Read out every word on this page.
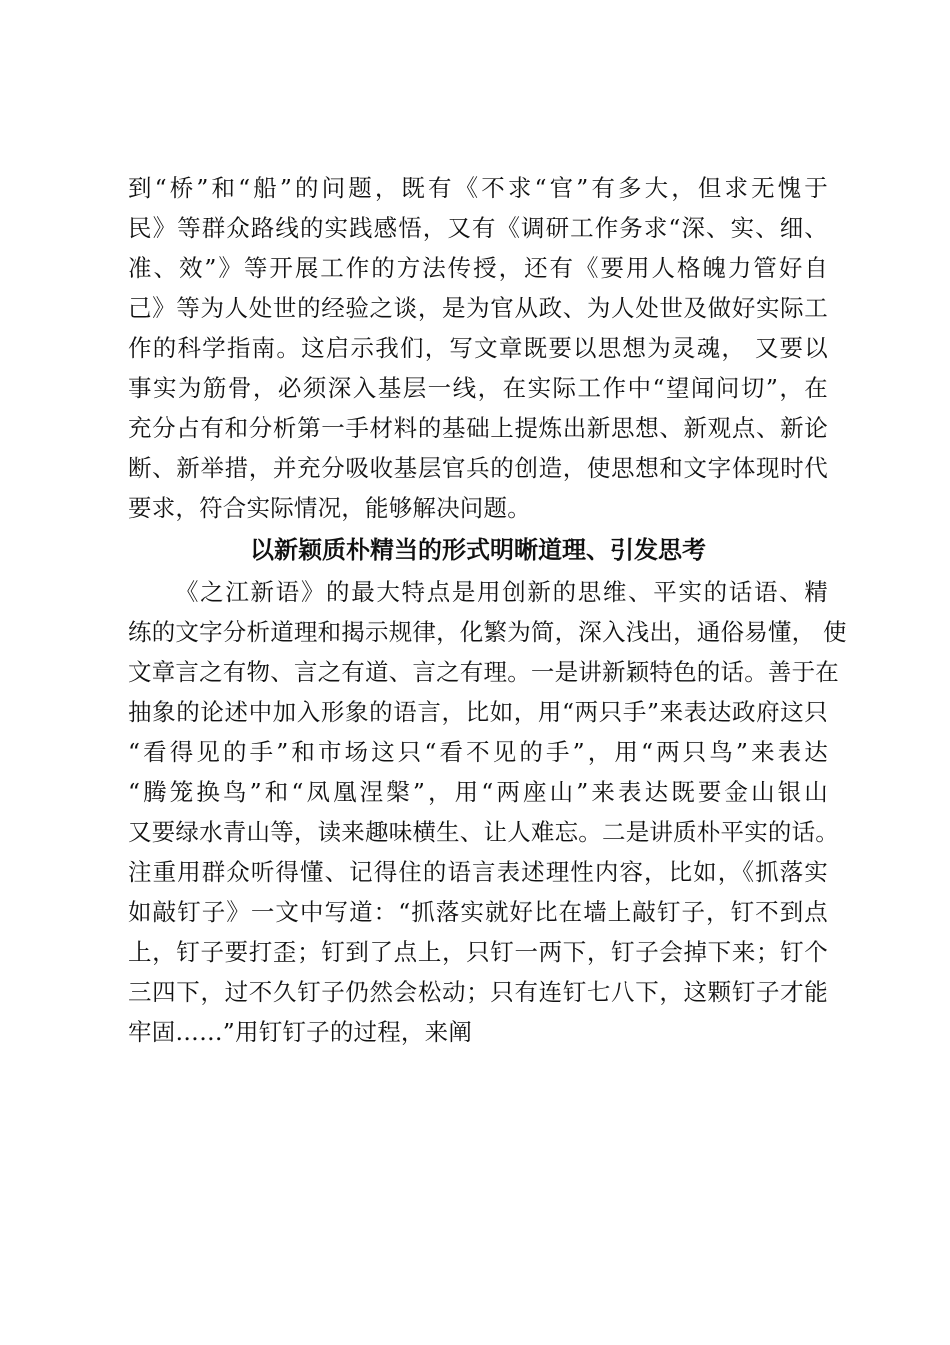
到“桥”和“船”的问题，既有《不求“官”有多大，但求无愧于
民》等群众路线的实践感悟，又有《调研工作务求“深、实、细、
准、效”》等开展工作的方法传授，还有《要用人格魄力管好自
己》等为人处世的经验之谈，是为官从政、为人处世及做好实际工
作的科学指南。这启示我们，写文章既要以思想为灵魂， 又要以
事实为筋骨，必须深入基层一线，在实际工作中“望闻问切”，在
充分占有和分析第一手材料的基础上提炼出新思想、新观点、新论
断、新举措，并充分吸收基层官兵的创造，使思想和文字体现时代
要求，符合实际情况，能够解决问题。
以新颖质朴精当的形式明晰道理、引发思考
《之江新语》的最大特点是用创新的思维、平实的话语、精
练的文字分析道理和揭示规律，化繁为简，深入浅出，通俗易懂， 使
文章言之有物、言之有道、言之有理。一是讲新颖特色的话。善于在
抽象的论述中加入形象的语言，比如，用“两只手”来表达政府这只
“看得见的手”和市场这只“看不见的手”，用“两只鸟”来表达
“腾笼换鸟”和“凤凰涅槃”，用“两座山”来表达既要金山银山
又要绿水青山等，读来趣味横生、让人难忘。二是讲质朴平实的话。
注重用群众听得懂、记得住的语言表述理性内容，比如，《抓落实
如敲钉子》一文中写道：“抓落实就好比在墙上敲钉子，钉不到点
上，钉子要打歪；钉到了点上，只钉一两下，钉子会掉下来；钉个
三四下，过不久钉子仍然会松动；只有连钉七八下，这颗钉子才能
牢固……”用钉钉子的过程，来阐
